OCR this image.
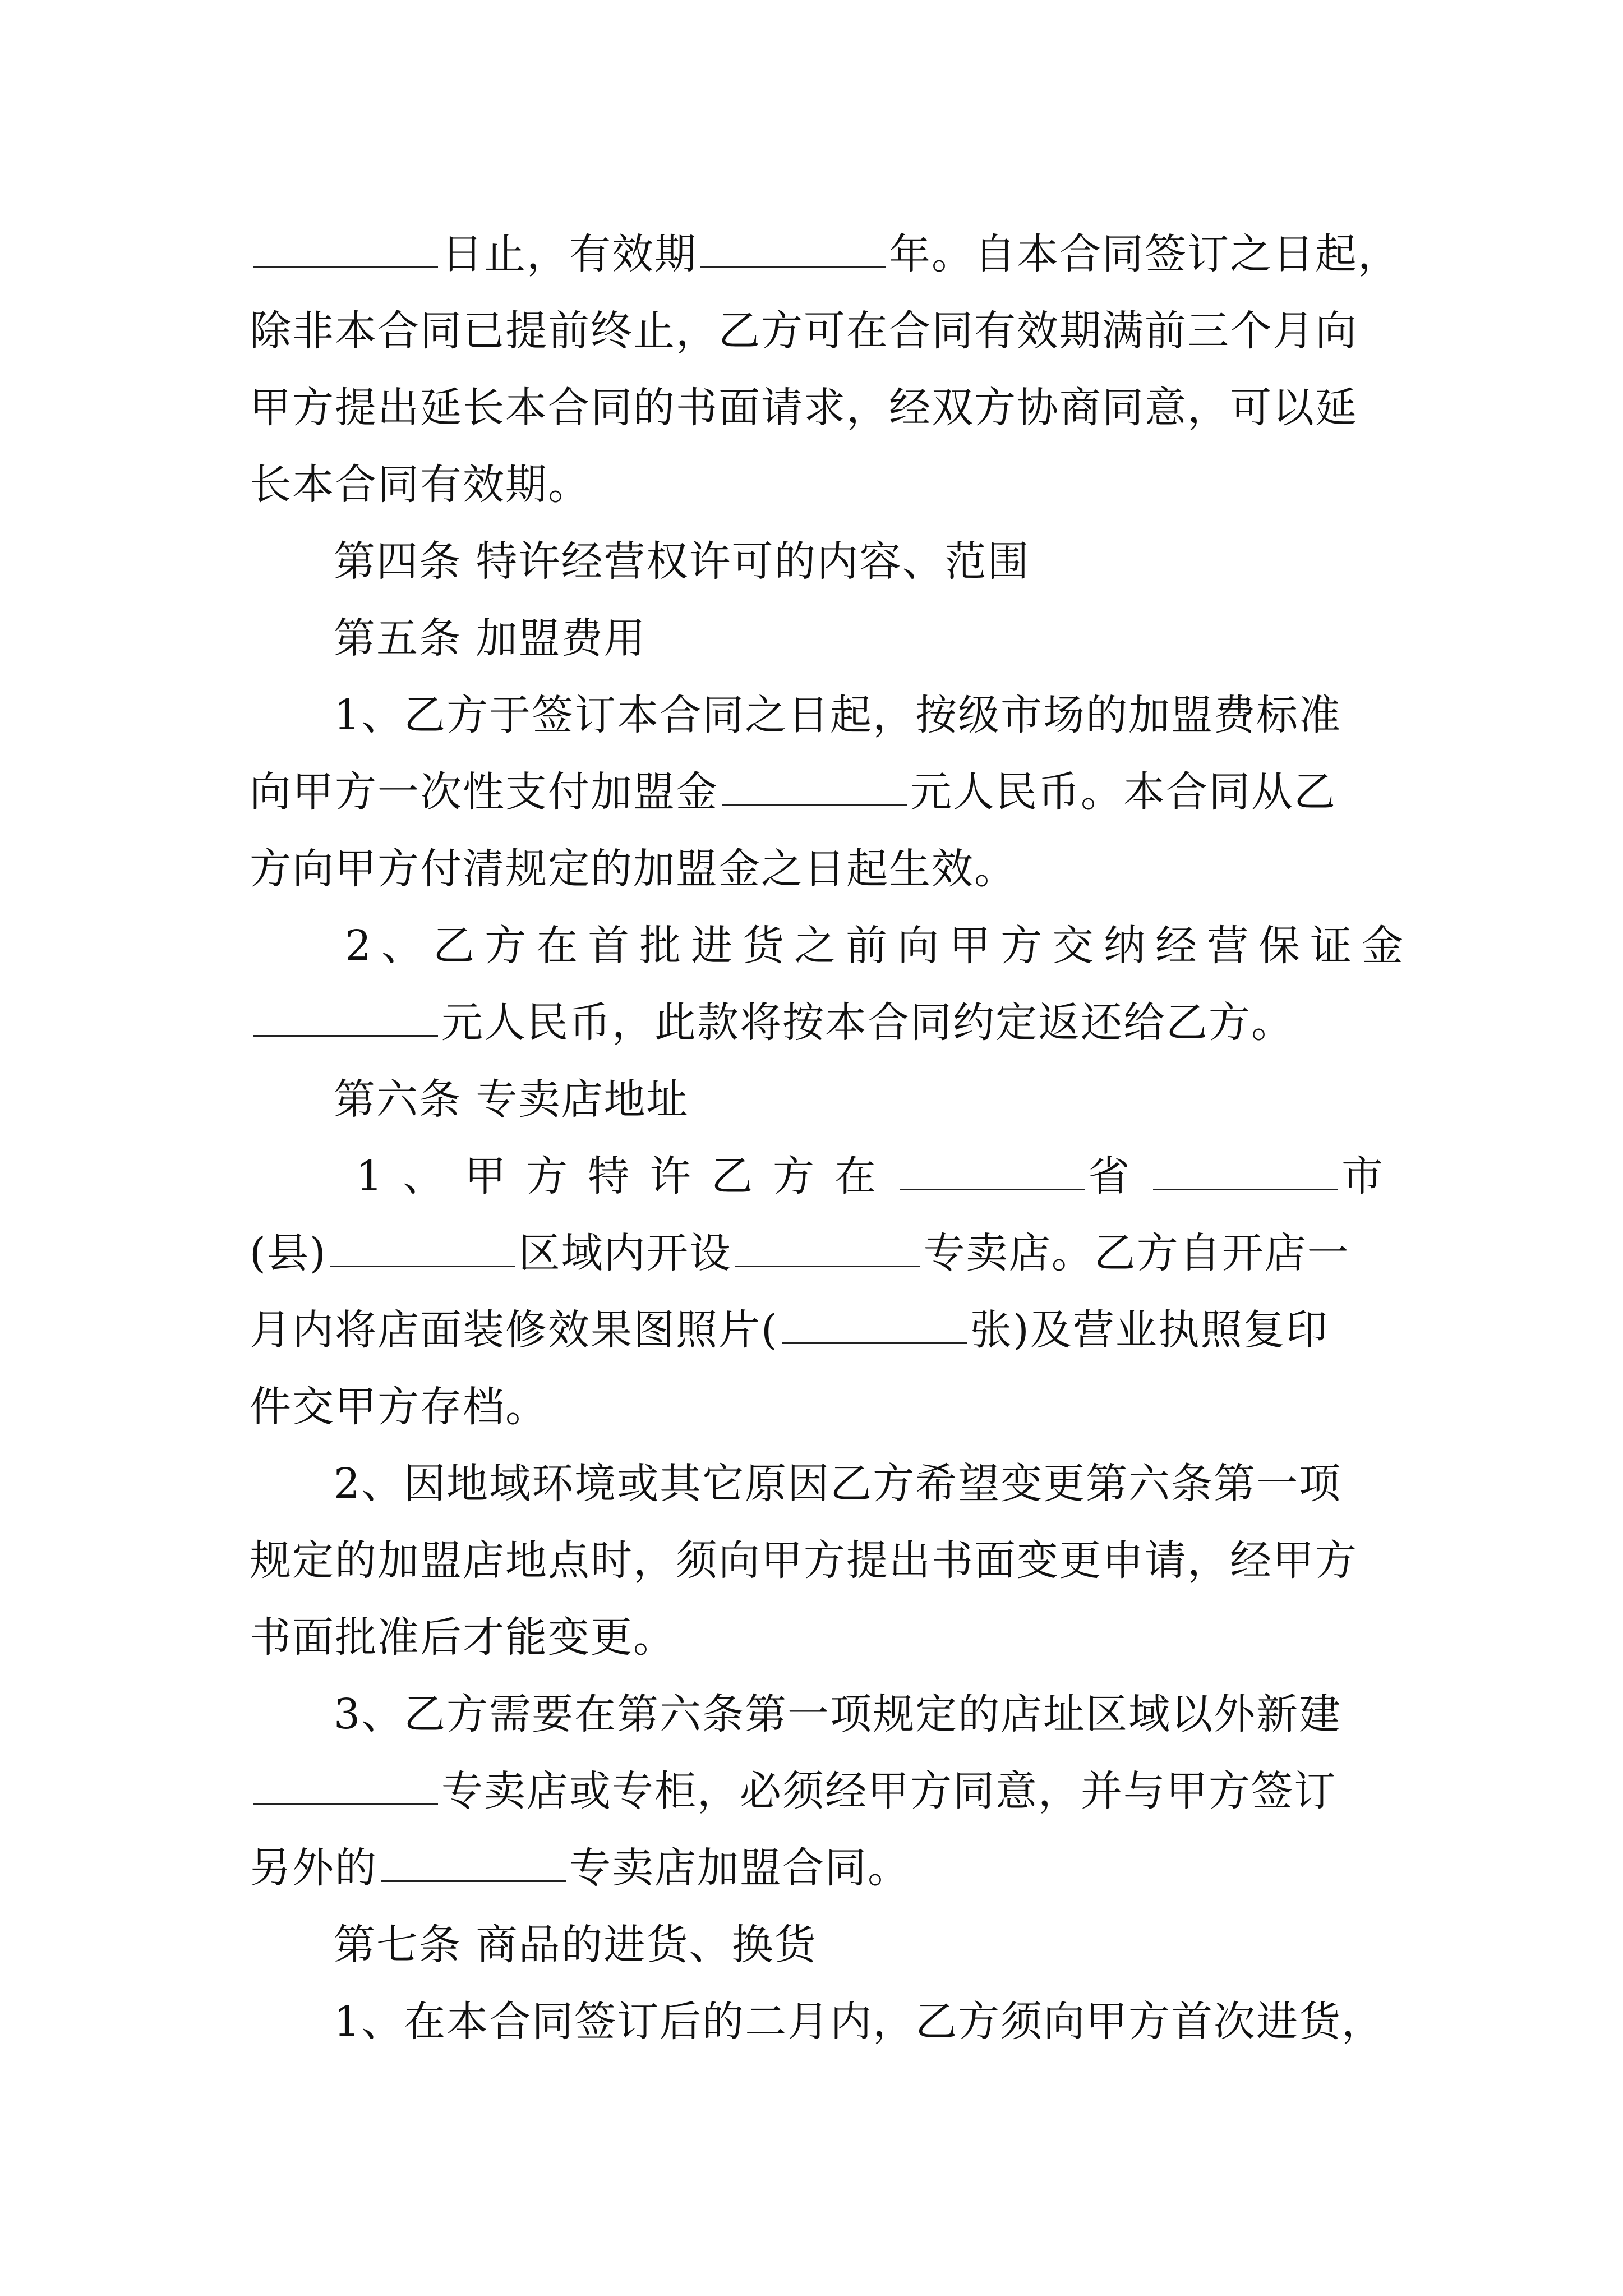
日止，有效期	年。自本合同签订之日起，
除非本合同已提前终止，乙方可在合同有效期满前三个月向
甲方提出延长本合同的书面请求，经双方协商同意，可以延
长本合同有效期。
第四条 特许经营权许可的内容、范围
第五条 加盟费用
1、乙方于签订本合同之日起，按级市场的加盟费标准
向甲方一次性支付加盟金	元人民币。本合同从乙
方向甲方付清规定的加盟金之日起生效。
2、乙方在首批进货之前向甲方交纳经营保证金
元人民币，此款将按本合同约定返还给乙方。
第六条 专卖店地址
1、甲方特许乙方在	省	市
(县)	区域内开设	专卖店。乙方自开店一
月内将店面装修效果图照片(	张)及营业执照复印
件交甲方存档。
2、因地域环境或其它原因乙方希望变更第六条第一项
规定的加盟店地点时，须向甲方提出书面变更申请，经甲方
书面批准后才能变更。
3、乙方需要在第六条第一项规定的店址区域以外新建
专卖店或专柜，必须经甲方同意，并与甲方签订
另外的	专卖店加盟合同。
第七条 商品的进货、换货
1、在本合同签订后的二月内，乙方须向甲方首次进货，
